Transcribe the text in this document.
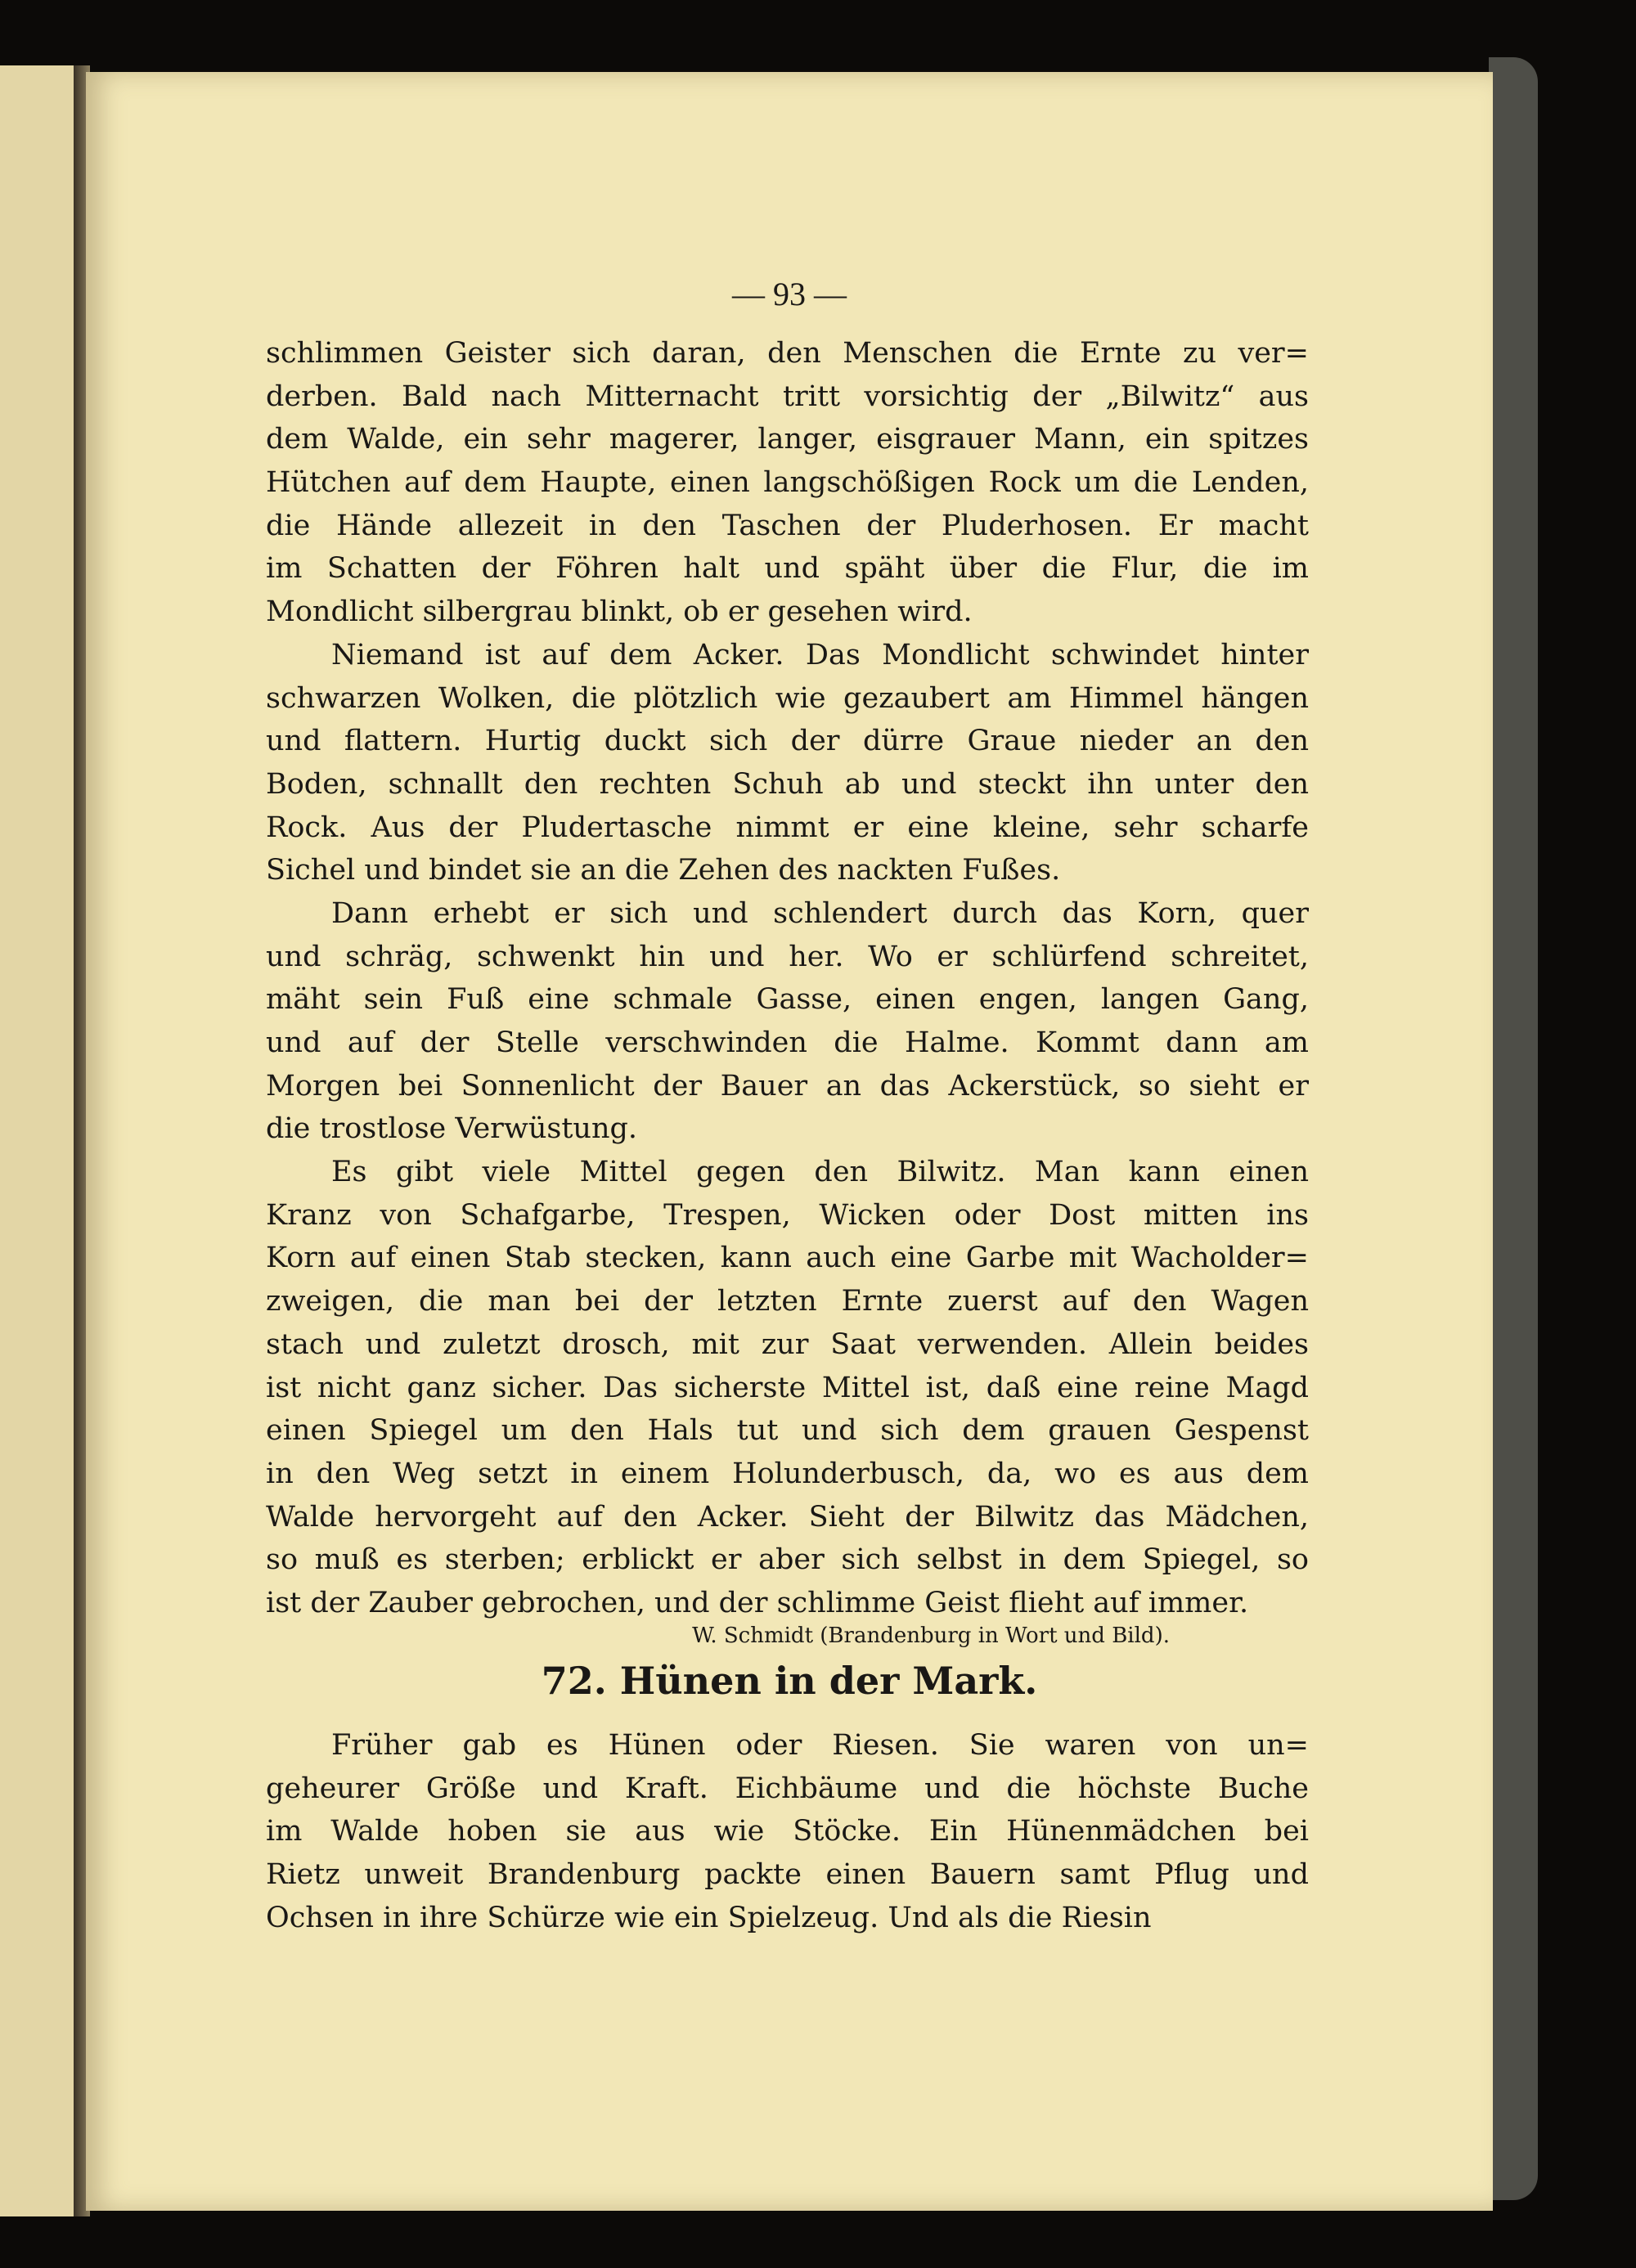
— 93 —
schlimmen Geister sich daran, den Menschen die Ernte zu ver=
derben. Bald nach Mitternacht tritt vorsichtig der „Bilwitz“ aus
dem Walde, ein sehr magerer, langer, eisgrauer Mann, ein spitzes
Hütchen auf dem Haupte, einen langschößigen Rock um die Lenden,
die Hände allezeit in den Taschen der Pluderhosen. Er macht
im Schatten der Föhren halt und späht über die Flur, die im
Mondlicht silbergrau blinkt, ob er gesehen wird.
Niemand ist auf dem Acker. Das Mondlicht schwindet hinter
schwarzen Wolken, die plötzlich wie gezaubert am Himmel hängen
und flattern. Hurtig duckt sich der dürre Graue nieder an den
Boden, schnallt den rechten Schuh ab und steckt ihn unter den
Rock. Aus der Pludertasche nimmt er eine kleine, sehr scharfe
Sichel und bindet sie an die Zehen des nackten Fußes.
Dann erhebt er sich und schlendert durch das Korn, quer
und schräg, schwenkt hin und her. Wo er schlürfend schreitet,
mäht sein Fuß eine schmale Gasse, einen engen, langen Gang,
und auf der Stelle verschwinden die Halme. Kommt dann am
Morgen bei Sonnenlicht der Bauer an das Ackerstück, so sieht er
die trostlose Verwüstung.
Es gibt viele Mittel gegen den Bilwitz. Man kann einen
Kranz von Schafgarbe, Trespen, Wicken oder Dost mitten ins
Korn auf einen Stab stecken, kann auch eine Garbe mit Wacholder=
zweigen, die man bei der letzten Ernte zuerst auf den Wagen
stach und zuletzt drosch, mit zur Saat verwenden. Allein beides
ist nicht ganz sicher. Das sicherste Mittel ist, daß eine reine Magd
einen Spiegel um den Hals tut und sich dem grauen Gespenst
in den Weg setzt in einem Holunderbusch, da, wo es aus dem
Walde hervorgeht auf den Acker. Sieht der Bilwitz das Mädchen,
so muß es sterben; erblickt er aber sich selbst in dem Spiegel, so
ist der Zauber gebrochen, und der schlimme Geist flieht auf immer.
W. Schmidt (Brandenburg in Wort und Bild).
72. Hünen in der Mark.
Früher gab es Hünen oder Riesen. Sie waren von un=
geheurer Größe und Kraft. Eichbäume und die höchste Buche
im Walde hoben sie aus wie Stöcke. Ein Hünenmädchen bei
Rietz unweit Brandenburg packte einen Bauern samt Pflug und
Ochsen in ihre Schürze wie ein Spielzeug. Und als die Riesin
